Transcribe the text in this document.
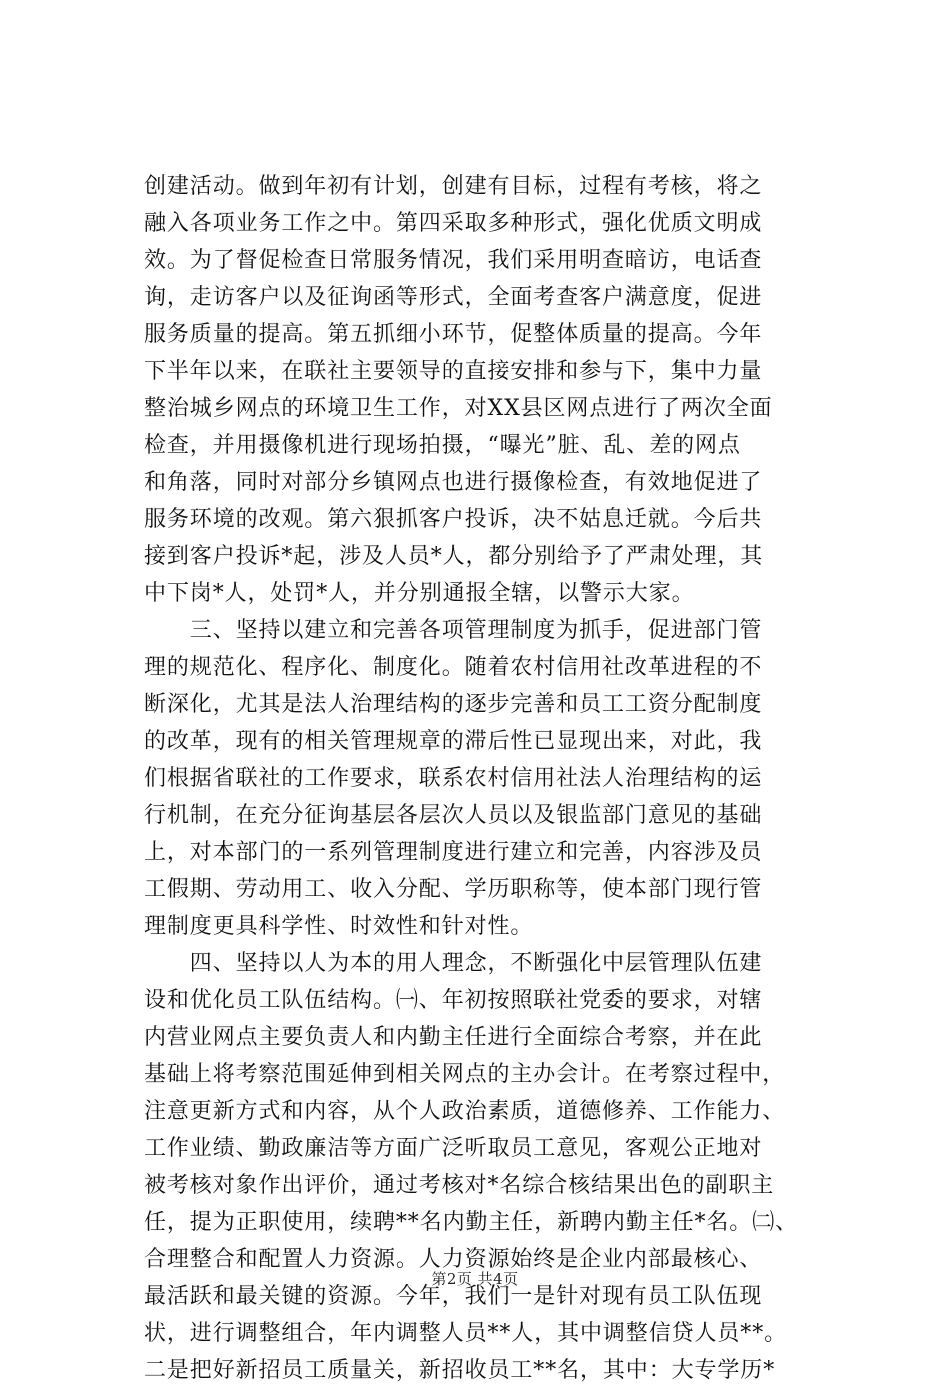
创建活动。做到年初有计划，创建有目标，过程有考核，将之
融入各项业务工作之中。第四采取多种形式，强化优质文明成
效。为了督促检查日常服务情况，我们采用明查暗访，电话查
询，走访客户以及征询函等形式，全面考查客户满意度，促进
服务质量的提高。第五抓细小环节，促整体质量的提高。今年
下半年以来，在联社主要领导的直接安排和参与下，集中力量
整治城乡网点的环境卫生工作，对XX县区网点进行了两次全面
检查，并用摄像机进行现场拍摄，“曝光”脏、乱、差的网点
和角落，同时对部分乡镇网点也进行摄像检查，有效地促进了
服务环境的改观。第六狠抓客户投诉，决不姑息迁就。今后共
接到客户投诉*起，涉及人员*人，都分别给予了严肃处理，其
中下岗*人，处罚*人，并分别通报全辖，以警示大家。
　　三、坚持以建立和完善各项管理制度为抓手，促进部门管
理的规范化、程序化、制度化。随着农村信用社改革进程的不
断深化，尤其是法人治理结构的逐步完善和员工工资分配制度
的改革，现有的相关管理规章的滞后性已显现出来，对此，我
们根据省联社的工作要求，联系农村信用社法人治理结构的运
行机制，在充分征询基层各层次人员以及银监部门意见的基础
上，对本部门的一系列管理制度进行建立和完善，内容涉及员
工假期、劳动用工、收入分配、学历职称等，使本部门现行管
理制度更具科学性、时效性和针对性。
　　四、坚持以人为本的用人理念，不断强化中层管理队伍建
设和优化员工队伍结构。㈠、年初按照联社党委的要求，对辖
内营业网点主要负责人和内勤主任进行全面综合考察，并在此
基础上将考察范围延伸到相关网点的主办会计。在考察过程中，
注意更新方式和内容，从个人政治素质，道德修养、工作能力、
工作业绩、勤政廉洁等方面广泛听取员工意见，客观公正地对
被考核对象作出评价，通过考核对*名综合核结果出色的副职主
任，提为正职使用，续聘**名内勤主任，新聘内勤主任*名。㈡、
合理整合和配置人力资源。人力资源始终是企业内部最核心、
最活跃和最关键的资源。今年，我们一是针对现有员工队伍现
状，进行调整组合，年内调整人员**人，其中调整信贷人员**。
二是把好新招员工质量关，新招收员工**名，其中：大专学历*
第2页 共4页
